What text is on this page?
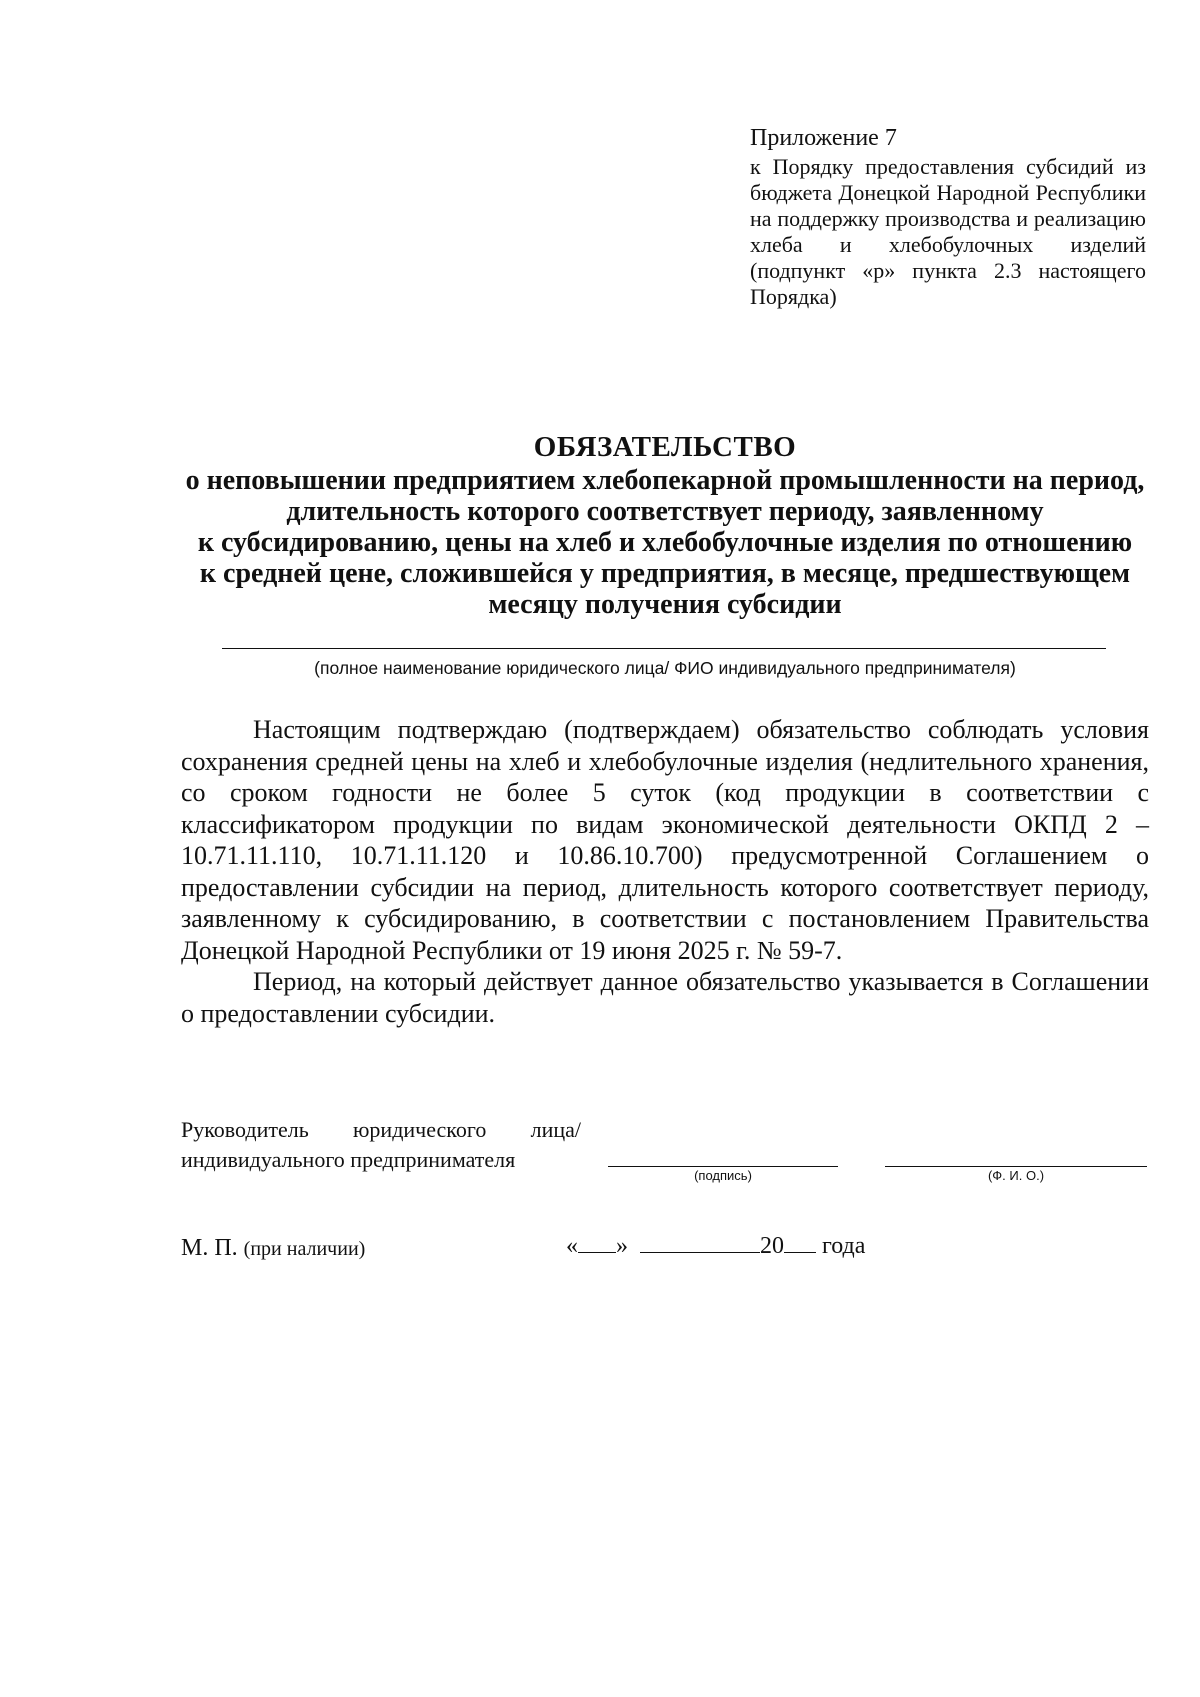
Приложение 7
к Порядку предоставления субсидий из бюджета Донецкой Народной Республики на поддержку производства и реализацию хлеба и хлебобулочных изделий (подпункт «р» пункта 2.3 настоящего Порядка)
ОБЯЗАТЕЛЬСТВО
о неповышении предприятием хлебопекарной промышленности на период,
длительность которого соответствует периоду, заявленному
к субсидированию, цены на хлеб и хлебобулочные изделия по отношению
к средней цене, сложившейся у предприятия, в месяце, предшествующем
месяцу получения субсидии
(полное наименование юридического лица/ ФИО индивидуального предпринимателя)

Настоящим подтверждаю (подтверждаем) обязательство соблюдать условия сохранения средней цены на хлеб и хлебобулочные изделия (недлительного хранения, со сроком годности не более 5 суток (код продукции в соответствии с классификатором продукции по видам экономической деятельности ОКПД 2 – 10.71.11.110, 10.71.11.120 и 10.86.10.700) предусмотренной Соглашением о предоставлении субсидии на период, длительность которого соответствует периоду, заявленному к субсидированию, в соответствии с постановлением Правительства Донецкой Народной Республики от 19 июня 2025 г. № 59-7.

Период, на который действует данное обязательство указывается в Соглашении о предоставлении субсидии.

Руководитель юридического лица/
индивидуального предпринимателя
(подпись)	(Ф. И. О.)
М. П. (при наличии)	« »	20 года
